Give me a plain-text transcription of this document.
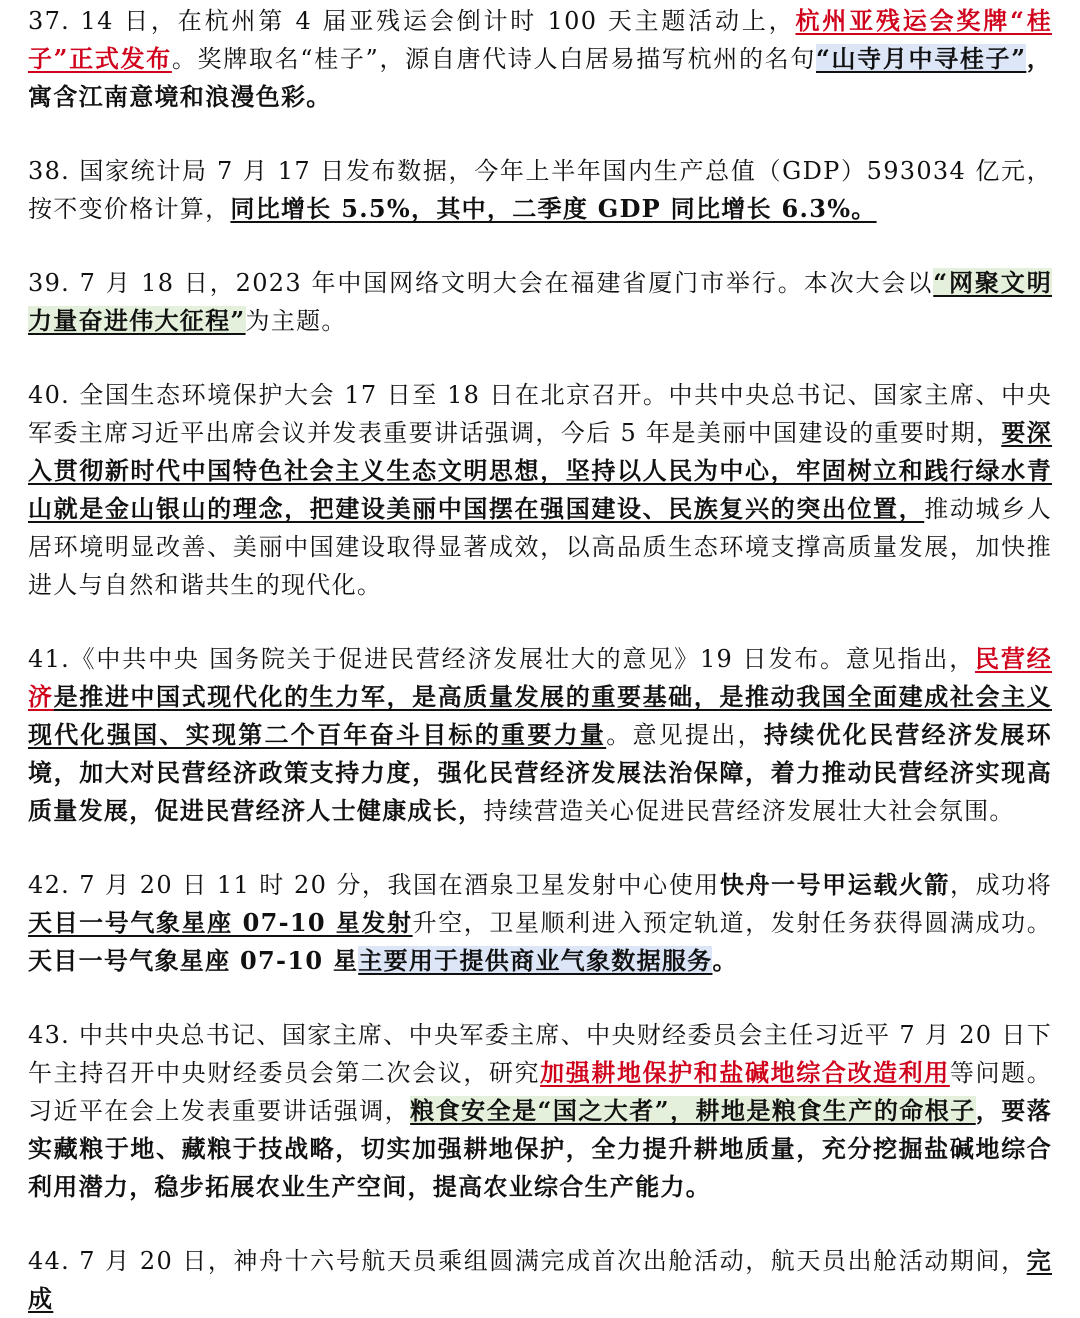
37. 14 日，在杭州第 4 届亚残运会倒计时 100 天主题活动上，杭州亚残运会奖牌“桂子”正式发布。奖牌取名“桂子”，源自唐代诗人白居易描写杭州的名句“山寺月中寻桂子”，寓含江南意境和浪漫色彩。

38. 国家统计局 7 月 17 日发布数据，今年上半年国内生产总值（GDP）593034 亿元，按不变价格计算，同比增长 5.5%，其中，二季度 GDP 同比增长 6.3%。

39. 7 月 18 日，2023 年中国网络文明大会在福建省厦门市举行。本次大会以“网聚文明力量奋进伟大征程”为主题。

40. 全国生态环境保护大会 17 日至 18 日在北京召开。中共中央总书记、国家主席、中央军委主席习近平出席会议并发表重要讲话强调，今后 5 年是美丽中国建设的重要时期，要深入贯彻新时代中国特色社会主义生态文明思想，坚持以人民为中心，牢固树立和践行绿水青山就是金山银山的理念，把建设美丽中国摆在强国建设、民族复兴的突出位置，推动城乡人居环境明显改善、美丽中国建设取得显著成效，以高品质生态环境支撑高质量发展，加快推进人与自然和谐共生的现代化。

41.《中共中央 国务院关于促进民营经济发展壮大的意见》19 日发布。意见指出，民营经济是推进中国式现代化的生力军，是高质量发展的重要基础，是推动我国全面建成社会主义现代化强国、实现第二个百年奋斗目标的重要力量。意见提出，持续优化民营经济发展环境，加大对民营经济政策支持力度，强化民营经济发展法治保障，着力推动民营经济实现高质量发展，促进民营经济人士健康成长，持续营造关心促进民营经济发展壮大社会氛围。

42. 7 月 20 日 11 时 20 分，我国在酒泉卫星发射中心使用快舟一号甲运载火箭，成功将天目一号气象星座 07-10 星发射升空，卫星顺利进入预定轨道，发射任务获得圆满成功。天目一号气象星座 07-10 星主要用于提供商业气象数据服务。

43. 中共中央总书记、国家主席、中央军委主席、中央财经委员会主任习近平 7 月 20 日下午主持召开中央财经委员会第二次会议，研究加强耕地保护和盐碱地综合改造利用等问题。习近平在会上发表重要讲话强调，粮食安全是“国之大者”，耕地是粮食生产的命根子，要落实藏粮于地、藏粮于技战略，切实加强耕地保护，全力提升耕地质量，充分挖掘盐碱地综合利用潜力，稳步拓展农业生产空间，提高农业综合生产能力。

44. 7 月 20 日，神舟十六号航天员乘组圆满完成首次出舱活动，航天员出舱活动期间，完成
